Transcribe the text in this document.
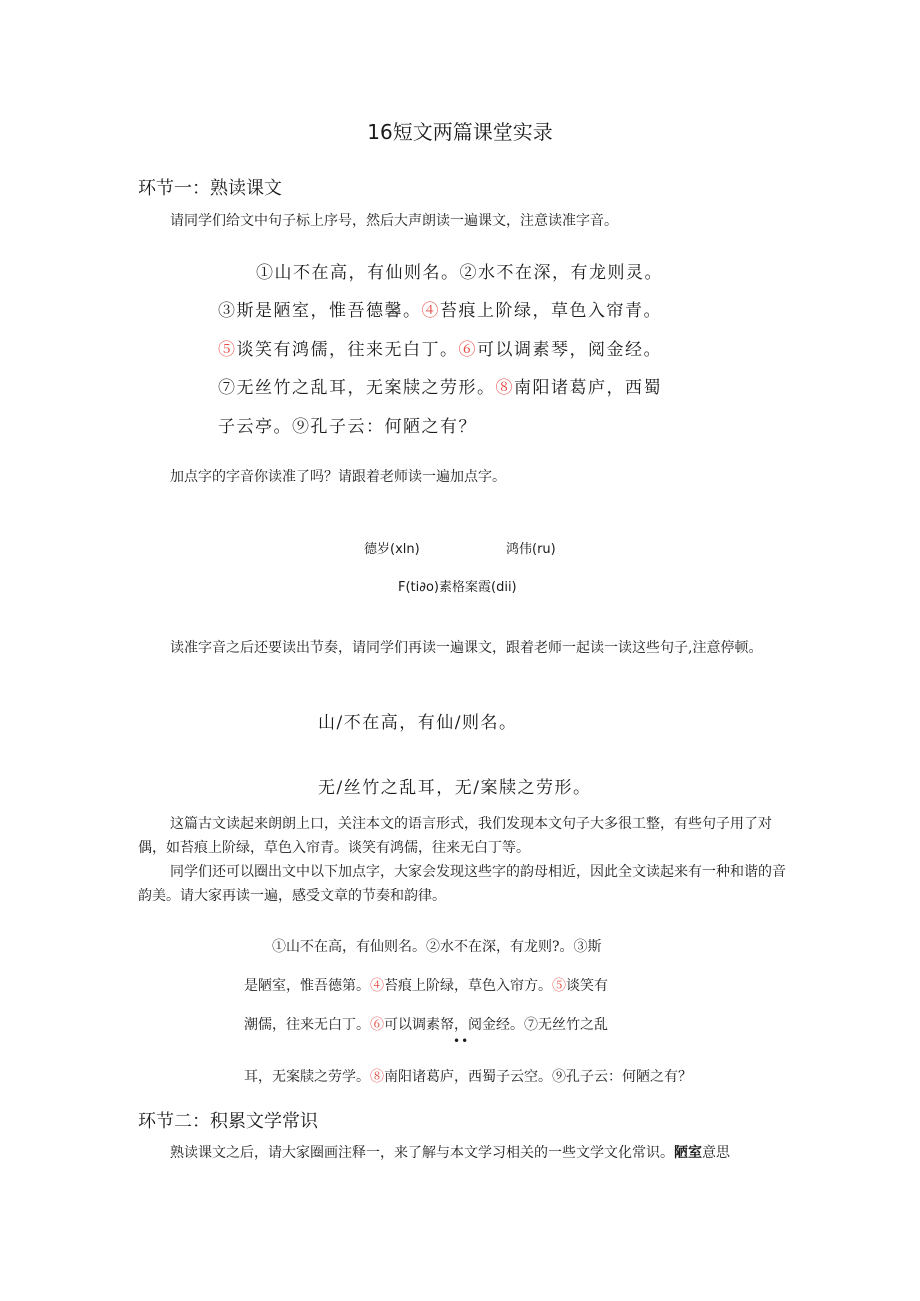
16短文两篇课堂实录
环节一：熟读课文
请同学们给文中句子标上序号，然后大声朗读一遍课文，注意读准字音。
①山不在高，有仙则名。②水不在深，有龙则灵。
③斯是陋室，惟吾德馨。④苔痕上阶绿，草色入帘青。
⑤谈笑有鸿儒，往来无白丁。⑥可以调素琴，阅金经。
⑦无丝竹之乱耳，无案牍之劳形。⑧南阳诸葛庐，西蜀
子云亭。⑨孔子云：何陋之有？
加点字的字音你读准了吗？请跟着老师读一遍加点字。
德岁(xln)	鸿伟(ru)
F(ti∂o)素格案霞(dii)
读准字音之后还要读出节奏，请同学们再读一遍课文，跟着老师一起读一读这些句子,注意停顿。
山/不在高，有仙/则名。
无/丝竹之乱耳，无/案牍之劳形。
这篇古文读起来朗朗上口，关注本文的语言形式，我们发现本文句子大多很工整，有些句子用了对偶，如苔痕上阶绿，草色入帘青。谈笑有鸿儒，往来无白丁等。
同学们还可以圈出文中以下加点字，大家会发现这些字的韵母相近，因此全文读起来有一种和谐的音韵美。请大家再读一遍，感受文章的节奏和韵律。
①山不在高，有仙则名。②水不在深，有龙则?。③斯
是陋室，惟吾德第。④苔痕上阶绿，草色入帘方。⑤谈笑有
潮儒，往来无白丁。⑥可以调素帑，阅金经。⑦无丝竹之乱
••
耳，无案牍之劳学。⑧南阳诸葛庐，西蜀子云空。⑨孔子云：何陋之有？
环节二：积累文学常识
熟读课文之后，请大家圈画注释一，来了解与本文学习相关的一些文学文化常识。陋室意思
